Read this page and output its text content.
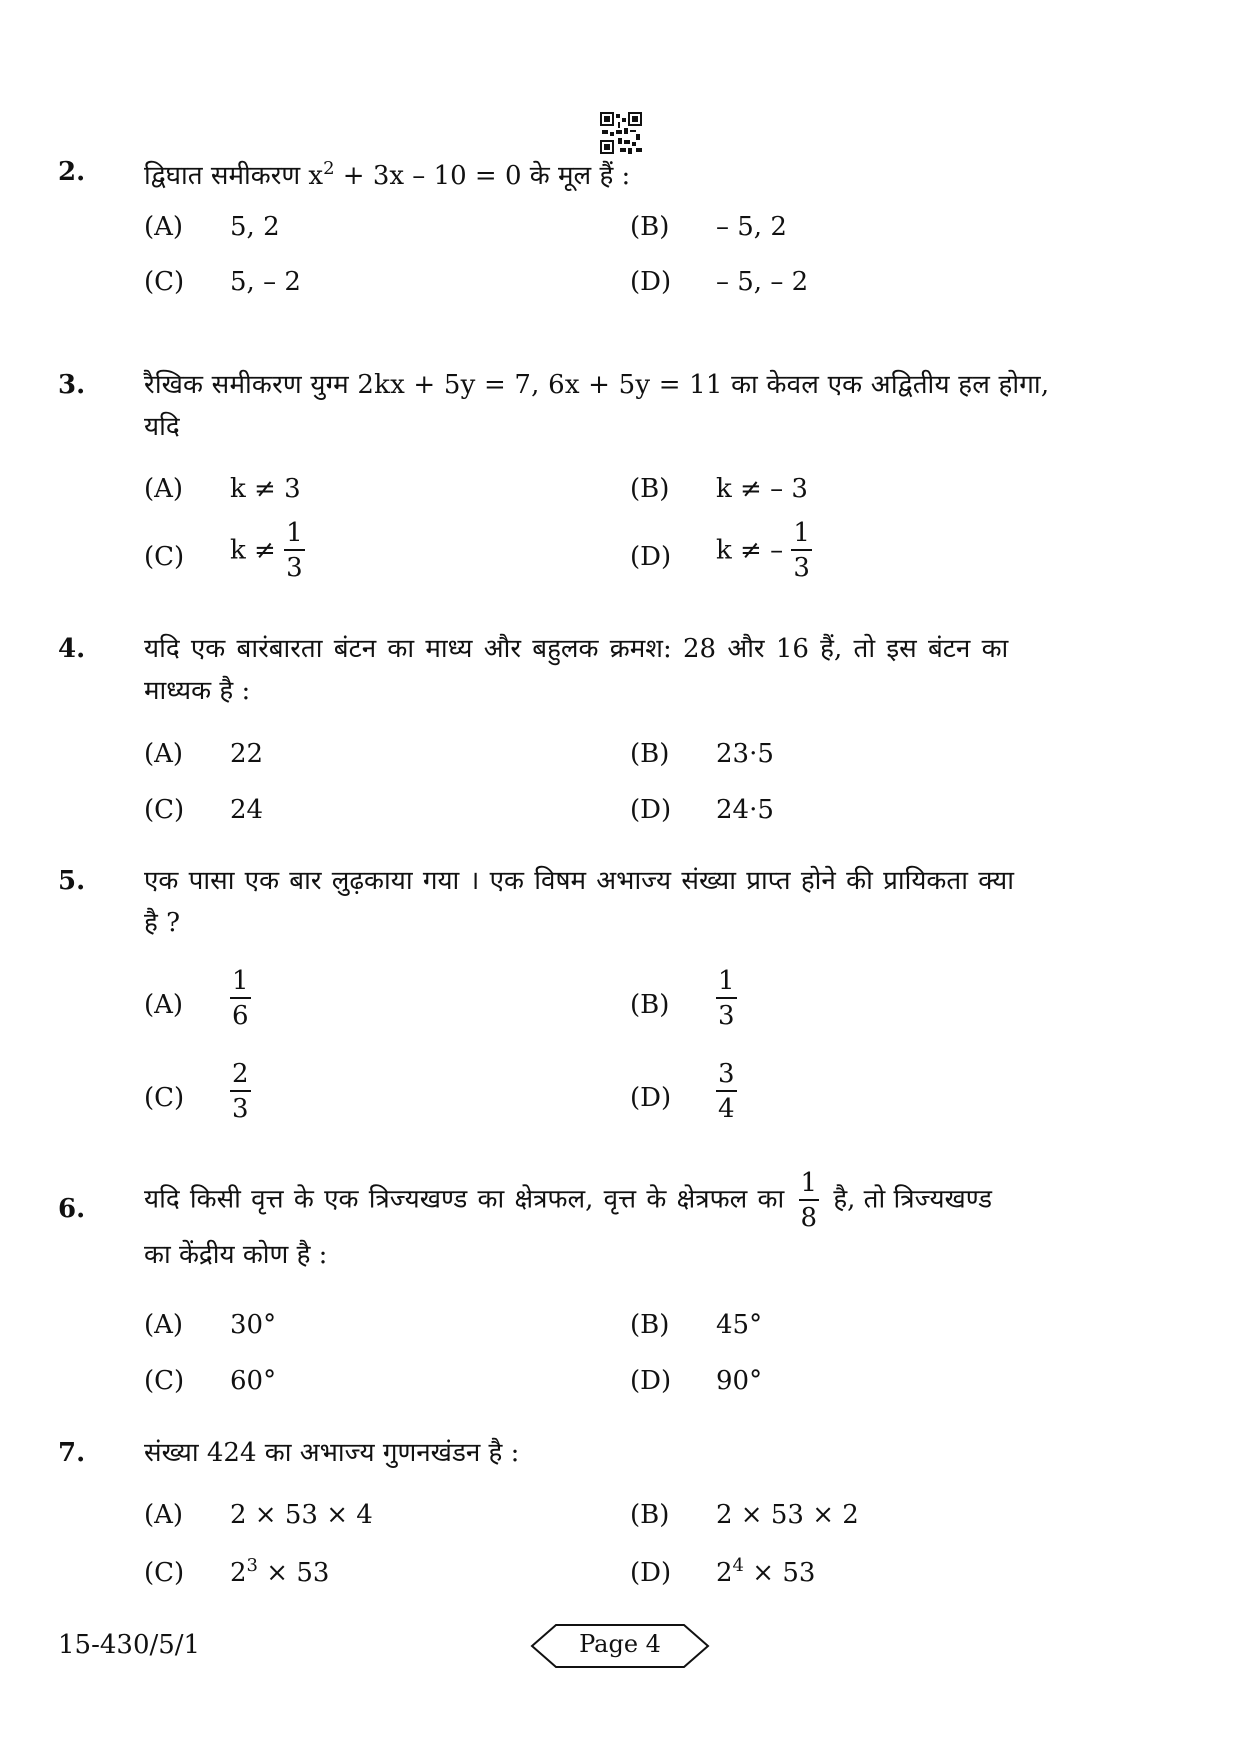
2. द्विघात समीकरण $x^2 + 3x - 10 = 0$ के मूल हैं :
(A) 5, 2	(B) – 5, 2
(C) 5, – 2	(D) – 5, – 2
3. रैखिक समीकरण युग्म 2kx + 5y = 7, 6x + 5y = 11 का केवल एक अद्वितीय हल होगा,
यदि
(A) k ≠ 3	(B) k ≠ – 3
(C) $k \ne \frac{1}{3}$	(D) k ≠ – $\frac{1}{3}$
4. यदि एक बारंबारता बंटन का माध्य और बहुलक क्रमश: 28 और 16 हैं, तो इस बंटन का
माध्यक है :
(A) 22	(B) 23·5
(C) 24	(D) 24·5
5. एक पासा एक बार लुढ़काया गया । एक विषम अभाज्य संख्या प्राप्त होने की प्रायिकता क्या
है ?
$(A) \frac{1}{6}$	$(B) \frac{1}{3}$
$(C) \frac{2}{3}$	$(D) \frac{3}{4}$
6. यदि किसी वृत्त के एक त्रिज्यखण्ड का क्षेत्रफल, वृत्त के क्षेत्रफल का $\frac{1}{8}$ है, तो त्रिज्यखण्ड
का केंद्रीय कोण है :
(A) 30°	(B) 45°
(C) 60°	(D) 90°
7. संख्या 424 का अभाज्य गुणनखंडन है :
(A) 2 × 53 × 4	(B) 2 × 53 × 2
(C) $2^3 \times 53$	(D) $2^4 \times 53$
15-430/5/1	Page 4
